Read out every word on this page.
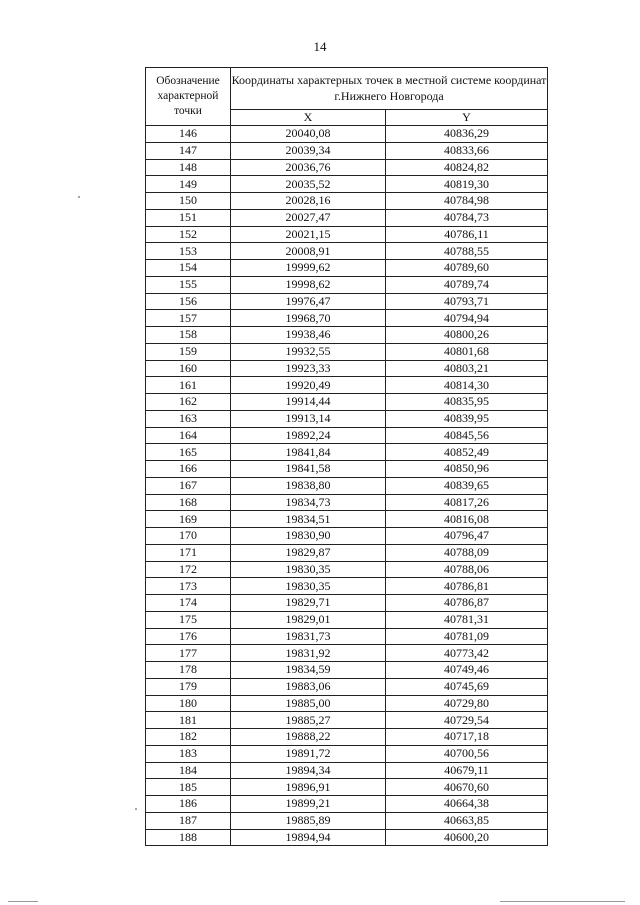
14
Обозначение характерной точки	Координаты характерных точек в местной системе координат г.Нижнего Новгорода	
	X	Y
146	20040,08	40836,29
147	20039,34	40833,66
148	20036,76	40824,82
149	20035,52	40819,30
150	20028,16	40784,98
151	20027,47	40784,73
152	20021,15	40786,11
153	20008,91	40788,55
154	19999,62	40789,60
155	19998,62	40789,74
156	19976,47	40793,71
157	19968,70	40794,94
158	19938,46	40800,26
159	19932,55	40801,68
160	19923,33	40803,21
161	19920,49	40814,30
162	19914,44	40835,95
163	19913,14	40839,95
164	19892,24	40845,56
165	19841,84	40852,49
166	19841,58	40850,96
167	19838,80	40839,65
168	19834,73	40817,26
169	19834,51	40816,08
170	19830,90	40796,47
171	19829,87	40788,09
172	19830,35	40788,06
173	19830,35	40786,81
174	19829,71	40786,87
175	19829,01	40781,31
176	19831,73	40781,09
177	19831,92	40773,42
178	19834,59	40749,46
179	19883,06	40745,69
180	19885,00	40729,80
181	19885,27	40729,54
182	19888,22	40717,18
183	19891,72	40700,56
184	19894,34	40679,11
185	19896,91	40670,60
186	19899,21	40664,38
187	19885,89	40663,85
188	19894,94	40600,20
